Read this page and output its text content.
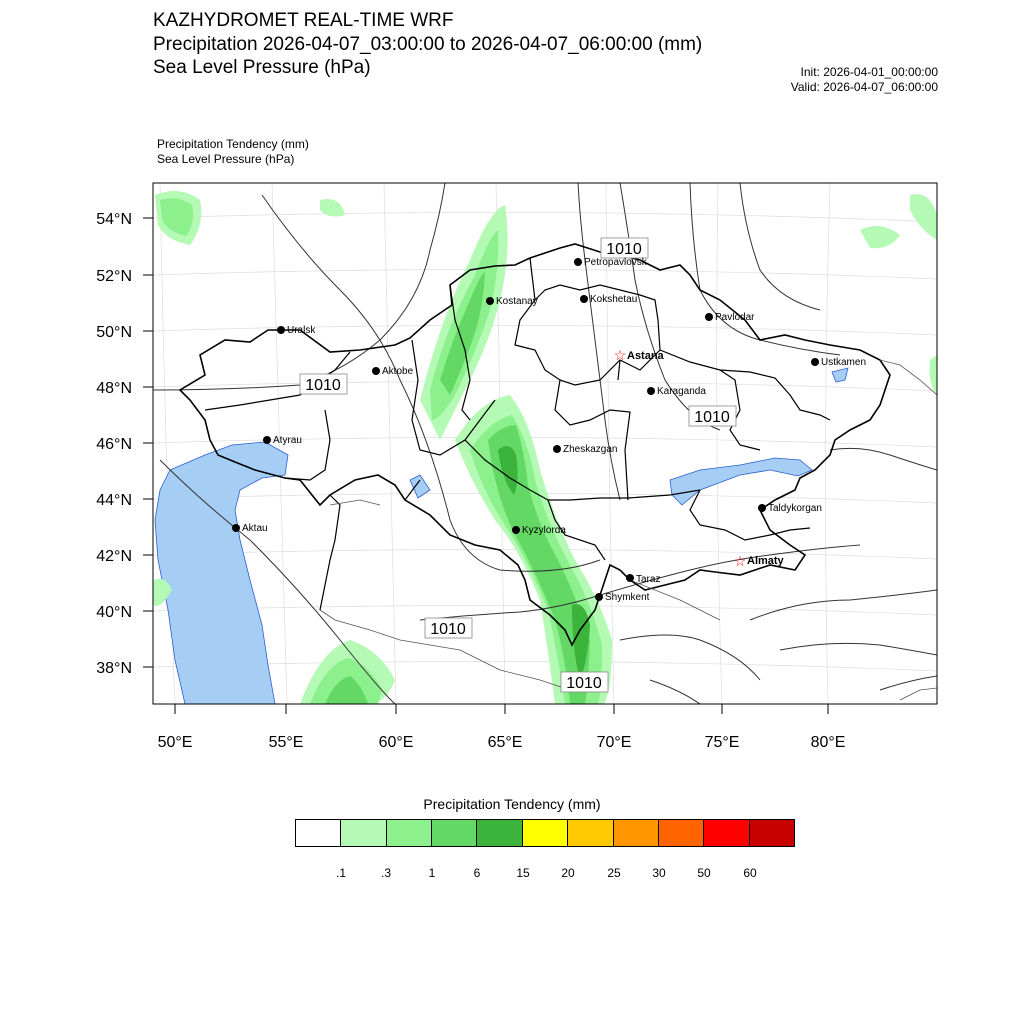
KAZHYDROMET REAL-TIME WRF
Precipitation 2026-04-07_03:00:00 to 2026-04-07_06:00:00 (mm)
Sea Level Pressure (hPa)	Init: 2026-04-01_00:00:00
Valid: 2026-04-07_06:00:00
Precipitation Tendency (mm)
Sea Level Pressure (hPa)
54°N
52°N
50°N
48°N
46°N
44°N
42°N
40°N
38°N
50°E	55°E	60°E	65°E	70°E	75°E	80°E
1010
1010
1010
1010
1010
Petropavlovsk
Kostanay	Kokshetau
Pavlodar
Uralsk
☆ Astana
Aktobe
Ustkamen
Karaganda
Atyrau
Zheskazgan
Aktau	Kyzylorda
Taldykorgan
☆ Almaty
Taraz
Shymkent
Precipitation Tendency (mm)
.1	.3	1	6	15	20	25	30	50	60
